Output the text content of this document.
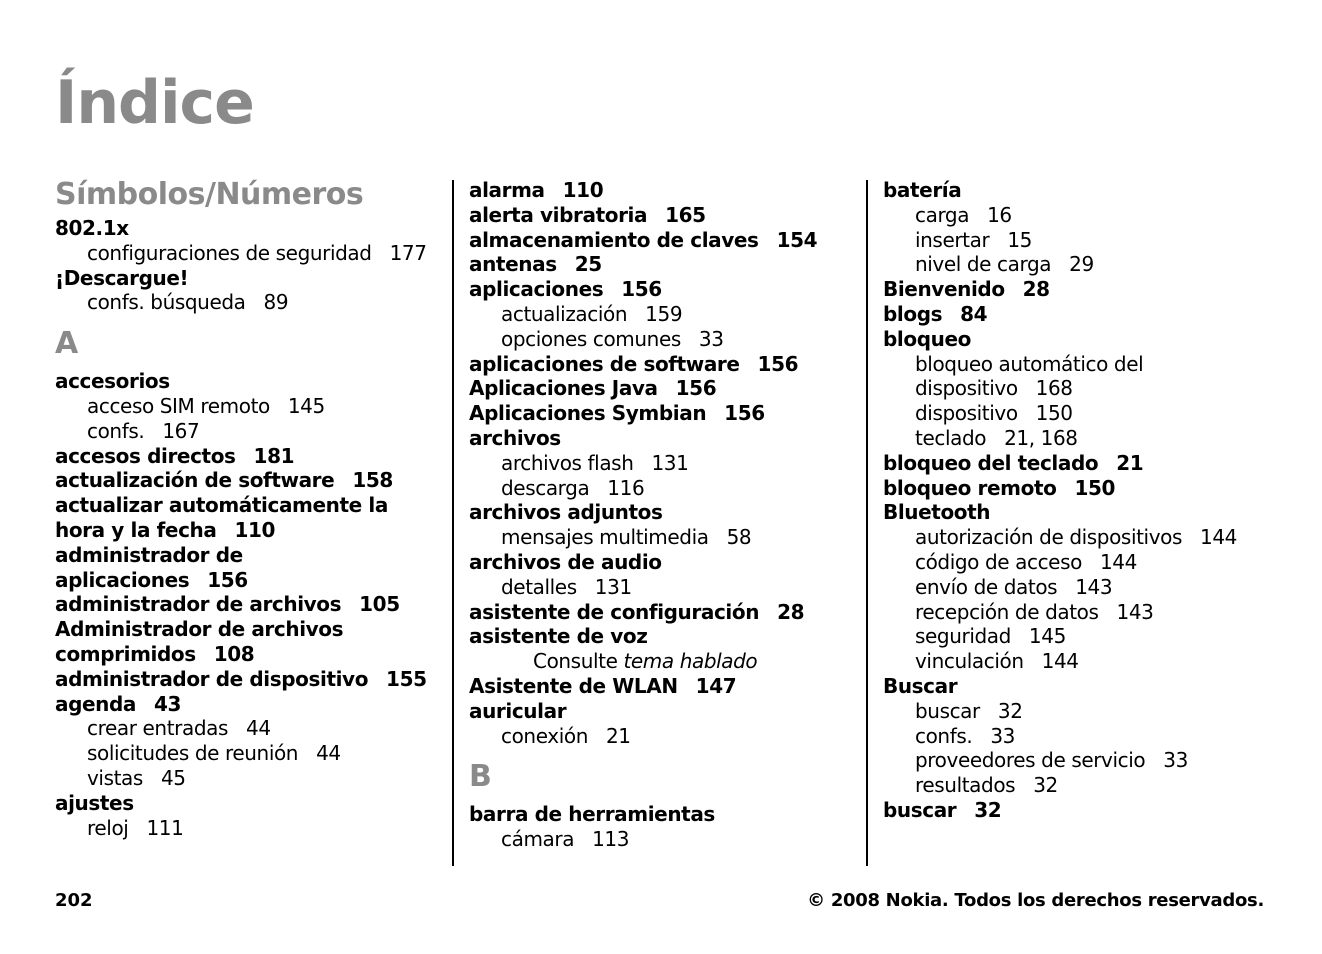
Índice
Símbolos/Números
802.1x
configuraciones de seguridad 177
¡Descargue!
confs. búsqueda 89
A
accesorios
acceso SIM remoto 145
confs. 167
accesos directos 181
actualización de software 158
actualizar automáticamente la hora y la fecha 110
administrador de aplicaciones 156
administrador de archivos 105
Administrador de archivos comprimidos 108
administrador de dispositivo 155
agenda 43
crear entradas 44
solicitudes de reunión 44
vistas 45
ajustes
reloj 111
alarma 110
alerta vibratoria 165
almacenamiento de claves 154
antenas 25
aplicaciones 156
actualización 159
opciones comunes 33
aplicaciones de software 156
Aplicaciones Java 156
Aplicaciones Symbian 156
archivos
archivos flash 131
descarga 116
archivos adjuntos
mensajes multimedia 58
archivos de audio
detalles 131
asistente de configuración 28
asistente de voz
Consulte tema hablado
Asistente de WLAN 147
auricular
conexión 21
B
barra de herramientas
cámara 113
batería
carga 16
insertar 15
nivel de carga 29
Bienvenido 28
blogs 84
bloqueo
bloqueo automático del dispositivo 168
dispositivo 150
teclado 21, 168
bloqueo del teclado 21
bloqueo remoto 150
Bluetooth
autorización de dispositivos 144
código de acceso 144
envío de datos 143
recepción de datos 143
seguridad 145
vinculación 144
Buscar
buscar 32
confs. 33
proveedores de servicio 33
resultados 32
buscar 32
202	© 2008 Nokia. Todos los derechos reservados.
